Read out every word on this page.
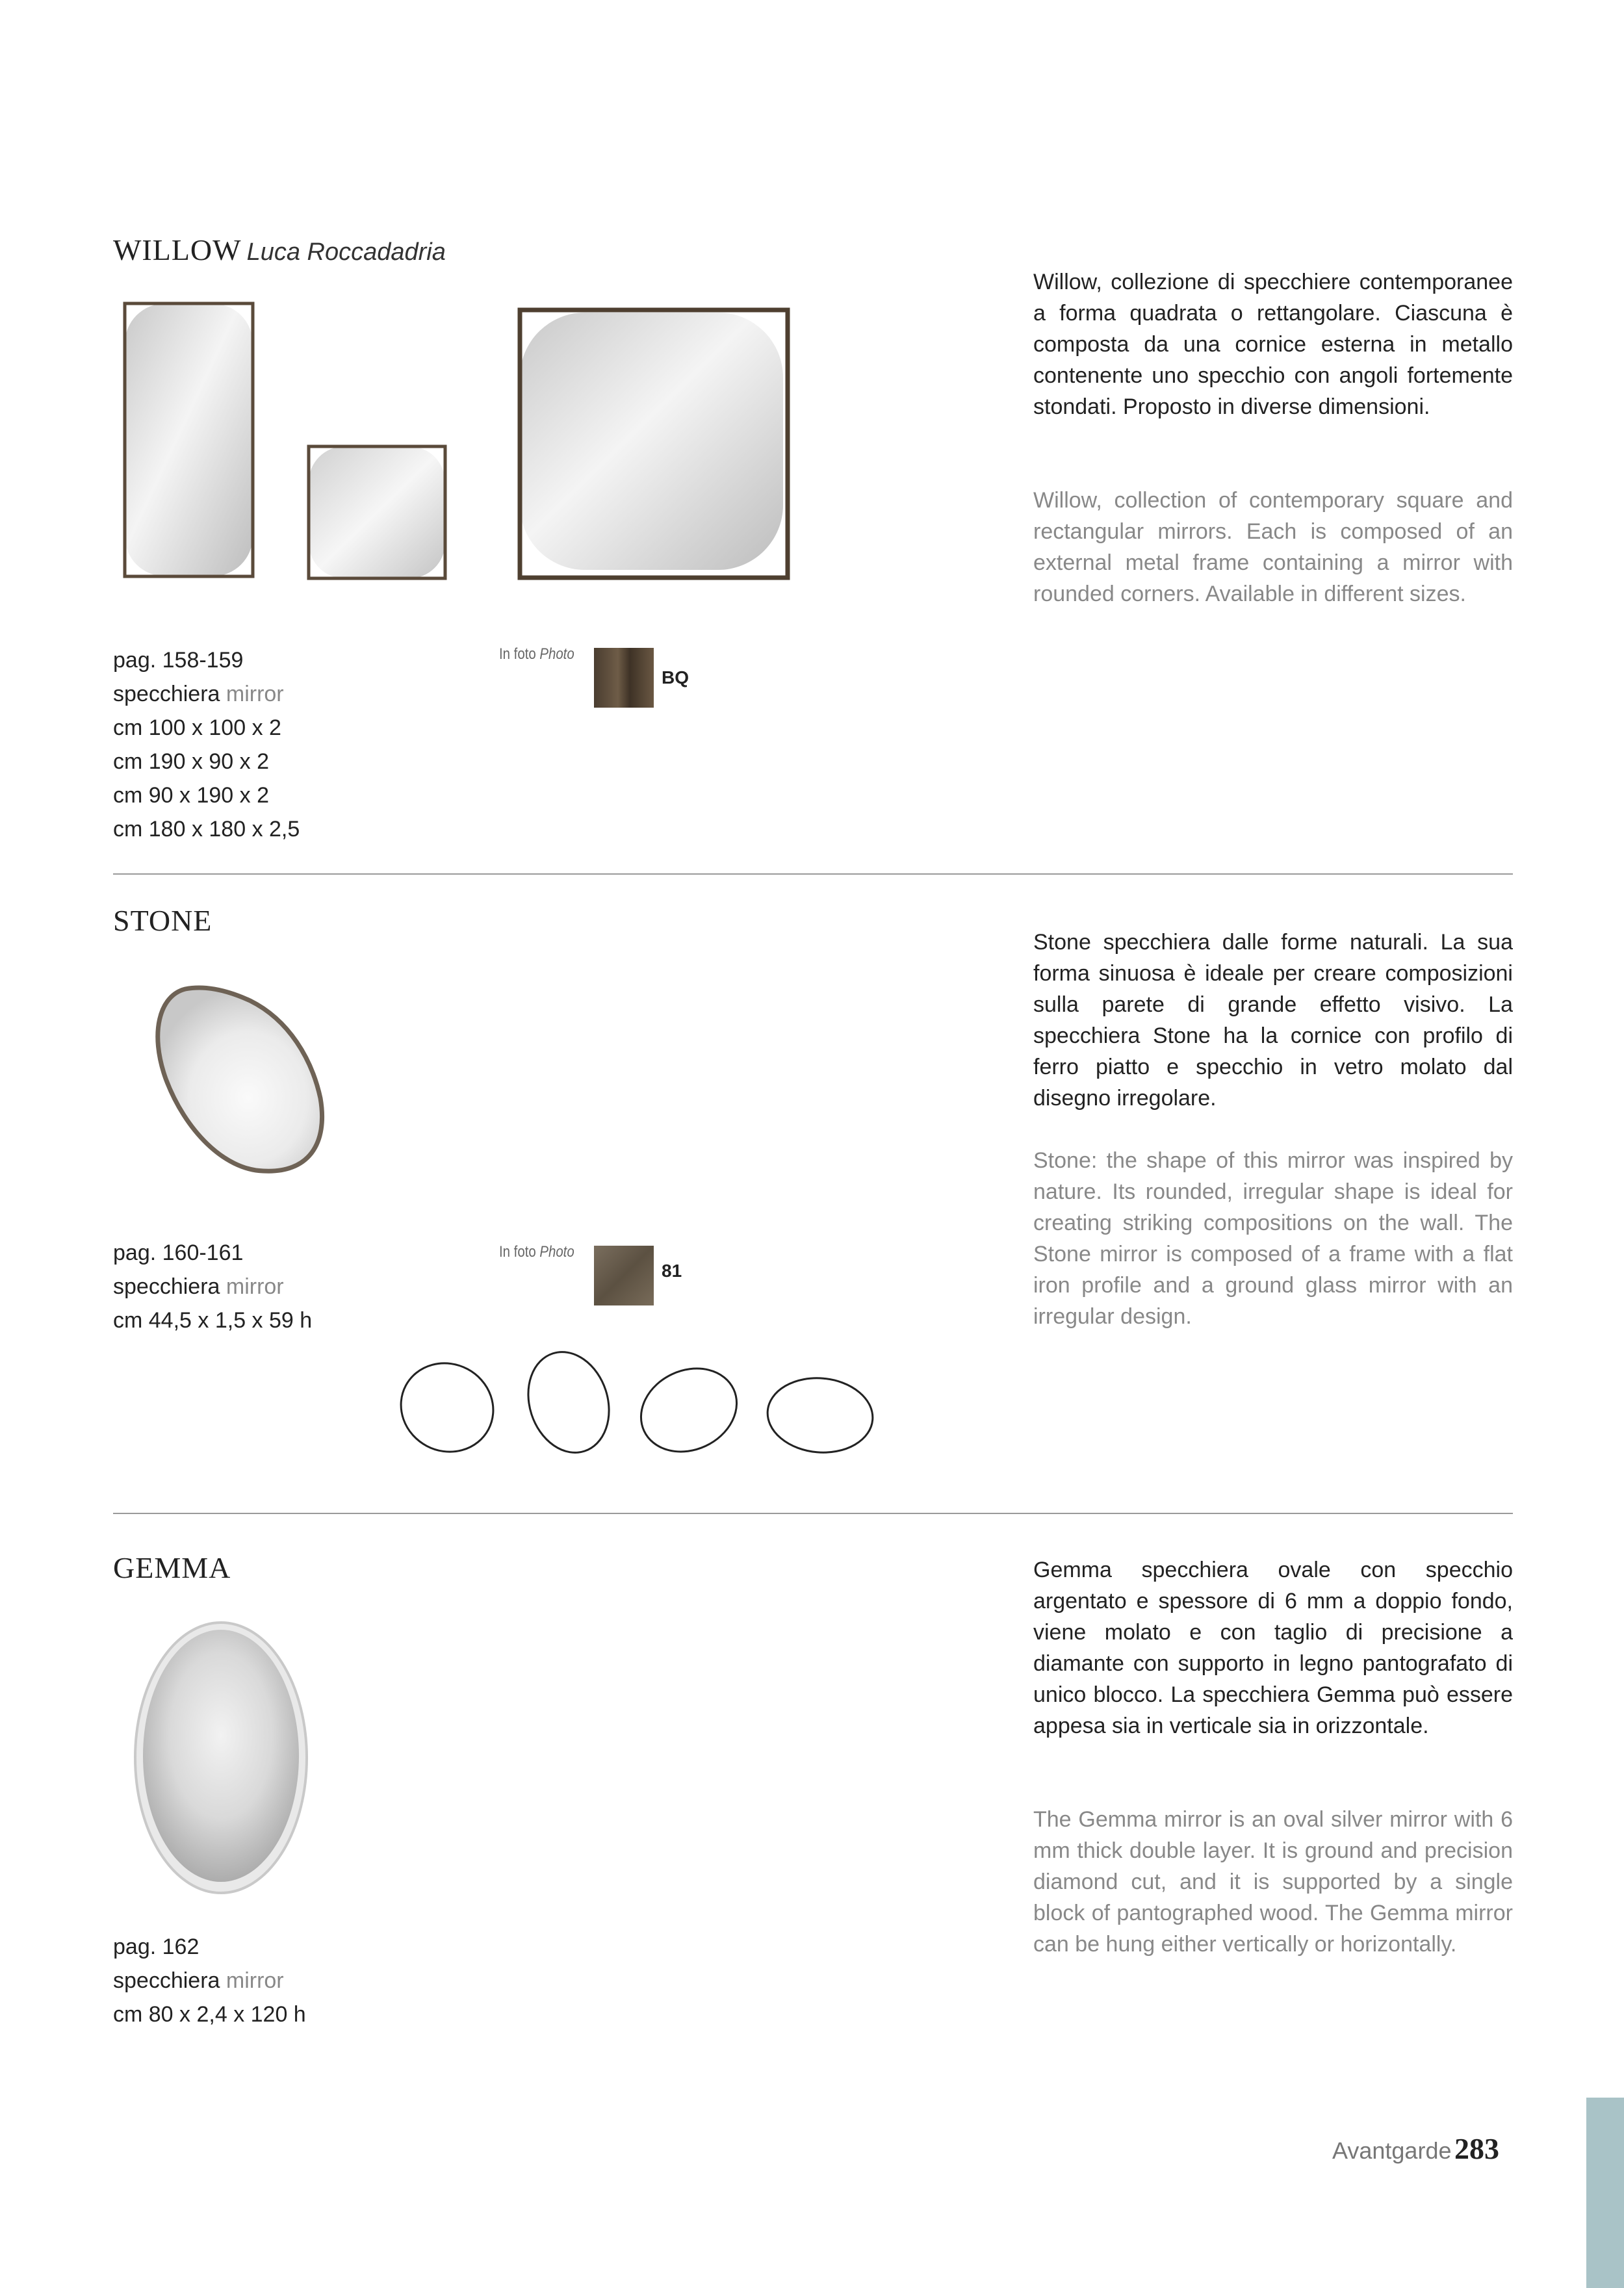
WILLOW Luca Roccadadria
pag. 158-159
specchiera mirror
cm 100 x 100 x 2
cm 190 x 90 x 2
cm 90 x 190 x 2
cm 180 x 180 x 2,5
In foto Photo
BQ
Willow, collezione di specchiere contemporanee a forma quadrata o rettangolare. Ciascuna è composta da una cornice esterna in metallo contenente uno specchio con angoli fortemente stondati. Proposto in diverse dimensioni.
Willow, collection of contemporary square and rectangular mirrors. Each is composed of an external metal frame containing a mirror with rounded corners. Available in different sizes.
STONE
pag. 160-161
specchiera mirror
cm 44,5 x 1,5 x 59 h
In foto Photo
81
Stone specchiera dalle forme naturali. La sua forma sinuosa è ideale per creare composizioni sulla parete di grande effetto visivo. La specchiera Stone ha la cornice con profilo di ferro piatto e specchio in vetro molato dal disegno irregolare.
Stone: the shape of this mirror was inspired by nature. Its rounded, irregular shape is ideal for creating striking compositions on the wall. The Stone mirror is composed of a frame with a flat iron profile and a ground glass mirror with an irregular design.
GEMMA
pag. 162
specchiera mirror
cm 80 x 2,4 x 120 h
Gemma specchiera ovale con specchio argentato e spessore di 6 mm a doppio fondo, viene molato e con taglio di precisione a diamante con supporto in legno pantografato di unico blocco. La specchiera Gemma può essere appesa sia in verticale sia in orizzontale.
The Gemma mirror is an oval silver mirror with 6 mm thick double layer. It is ground and precision diamond cut, and it is supported by a single block of pantographed wood. The Gemma mirror can be hung either vertically or horizontally.
Avantgarde 283
